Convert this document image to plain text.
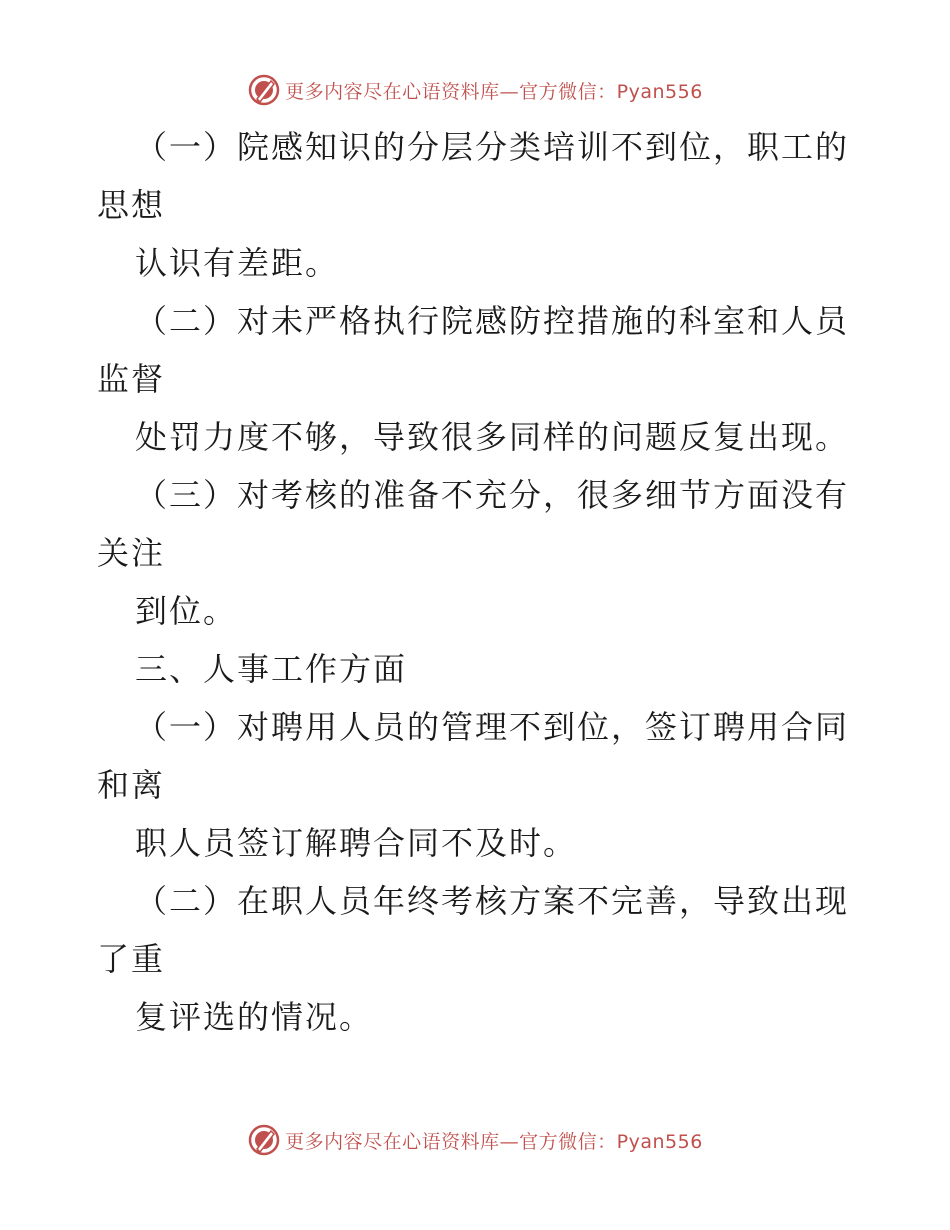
更多内容尽在心语资料库—官方微信：Pyan556
（一）院感知识的分层分类培训不到位，职工的
思想
认识有差距。
（二）对未严格执行院感防控措施的科室和人员
监督
处罚力度不够，导致很多同样的问题反复出现。
（三）对考核的准备不充分，很多细节方面没有
关注
到位。
三、人事工作方面
（一）对聘用人员的管理不到位，签订聘用合同
和离
职人员签订解聘合同不及时。
（二）在职人员年终考核方案不完善，导致出现
了重
复评选的情况。
更多内容尽在心语资料库—官方微信：Pyan556
